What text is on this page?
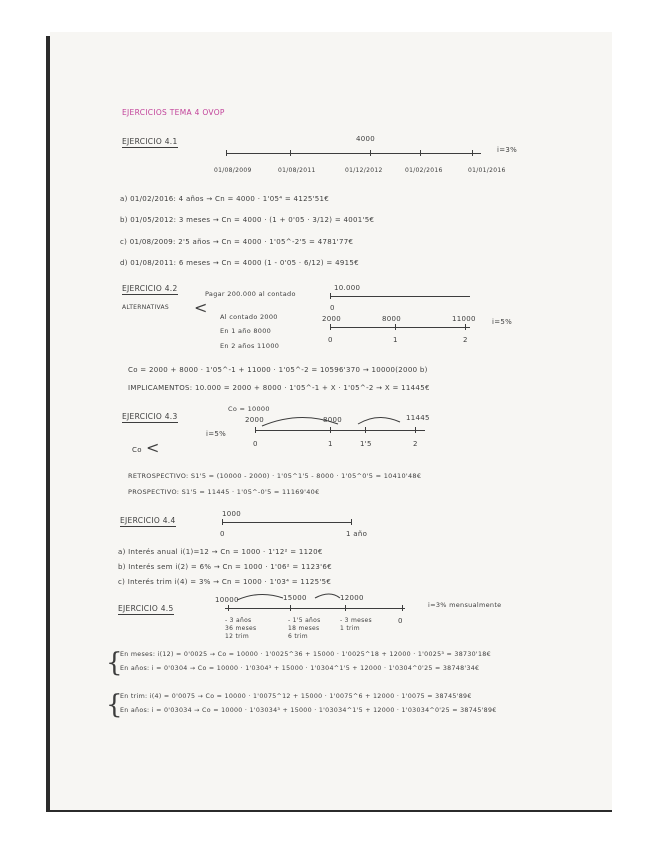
EJERCICIOS TEMA 4 OVOP
EJERCICIO 4.1	4000
i=3%
01/08/2009	01/08/2011	01/12/2012	01/02/2016	01/01/2016
a) 01/02/2016: 4 años → Cn = 4000 · 1'05⁴ = 4125'51€
b) 01/05/2012: 3 meses → Cn = 4000 · (1 + 0'05 · 3/12) = 4001'5€
c) 01/08/2009: 2'5 años → Cn = 4000 · 1'05^-2'5 = 4781'77€
d) 01/08/2011: 6 meses → Cn = 4000 (1 - 0'05 · 6/12) = 4915€
EJERCICIO 4.2
ALTERNATIVAS <
Pagar 200.000 al contado
Al contado 2000
En 1 año 8000
En 2 años 11000
10.000
0
2000	8000	11000
0	1	2
i=5%
Co = 2000 + 8000 · 1'05^-1 + 11000 · 1'05^-2 = 10596'370 → 10000(2000 b)
IMPLICAMENTOS: 10.000 = 2000 + 8000 · 1'05^-1 + X · 1'05^-2 → X = 11445€
EJERCICIO 4.3
Co = 10000
2000	8000	11445
i=5%
0	1	1'5	2
Co <
RETROSPECTIVO: S1'5 = (10000 - 2000) · 1'05^1'5 - 8000 · 1'05^0'5 = 10410'48€
PROSPECTIVO: S1'5 = 11445 · 1'05^-0'5 = 11169'40€
EJERCICIO 4.4
1000
0	1 año
a) Interés anual i(1)=12 → Cn = 1000 · 1'12² = 1120€
b) Interés sem i(2) = 6% → Cn = 1000 · 1'06² = 1123'6€
c) Interés trim i(4) = 3% → Cn = 1000 · 1'03⁴ = 1125'5€
EJERCICIO 4.5
10000	15000	12000
i=3% mensualmente
- 3 años
36 meses
12 trim
- 1'5 años
18 meses
6 trim
- 3 meses
1 trim
0
{
En meses: i(12) = 0'0025 → Co = 10000 · 1'0025^36 + 15000 · 1'0025^18 + 12000 · 1'0025³ = 38730'18€
En años: i = 0'0304 → Co = 10000 · 1'0304³ + 15000 · 1'0304^1'5 + 12000 · 1'0304^0'25 = 38748'34€
{
En trim: i(4) = 0'0075 → Co = 10000 · 1'0075^12 + 15000 · 1'0075^6 + 12000 · 1'0075 = 38745'89€
En años: i = 0'03034 → Co = 10000 · 1'03034³ + 15000 · 1'03034^1'5 + 12000 · 1'03034^0'25 = 38745'89€
